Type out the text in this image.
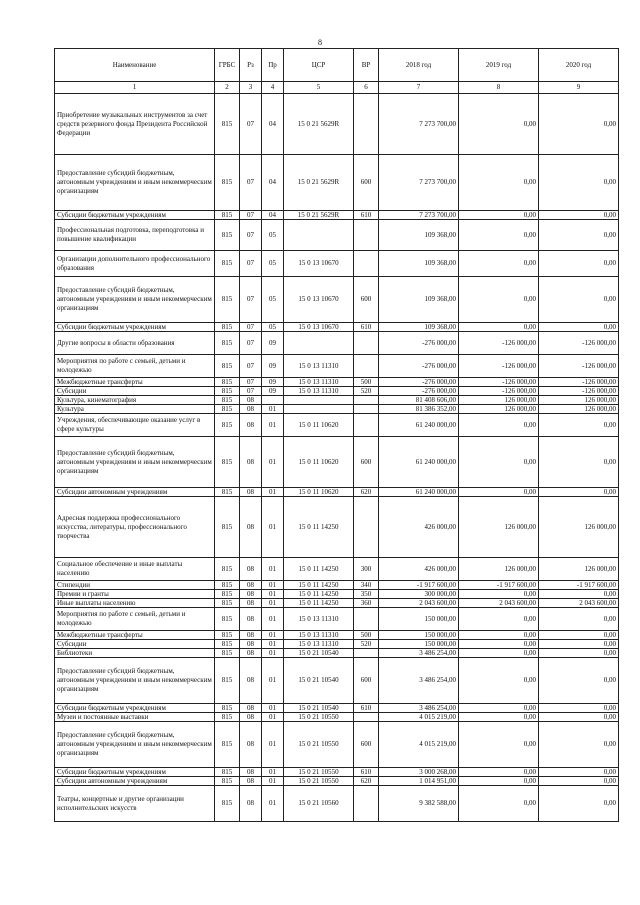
8
Наименование	ГРБС	Рз	Пр	ЦСР	ВР	2018 год	2019 год	2020 год
1	2	3	4	5	6	7	8	9
Приобретение музыкальных инструментов за счет средств резервного фонда Президента Российской Федерации	815	07	04	15 0 21 5629R		7 273 700,00	0,00	0,00
Предоставление субсидий бюджетным, автономным учреждениям и иным некоммерческим организациям	815	07	04	15 0 21 5629R	600	7 273 700,00	0,00	0,00
Субсидии бюджетным учреждениям	815	07	04	15 0 21 5629R	610	7 273 700,00	0,00	0,00
Профессиональная подготовка, переподготовка и повышение квалификации	815	07	05			109 368,00	0,00	0,00
Организации дополнительного профессионального образования	815	07	05	15 0 13 10670		109 368,00	0,00	0,00
Предоставление субсидий бюджетным, автономным учреждениям и иным некоммерческим организациям	815	07	05	15 0 13 10670	600	109 368,00	0,00	0,00
Субсидии бюджетным учреждениям	815	07	05	15 0 13 10670	610	109 368,00	0,00	0,00
Другие вопросы в области образования	815	07	09			-276 000,00	-126 000,00	-126 000,00
Мероприятия по работе с семьей, детьми и молодежью	815	07	09	15 0 13 11310		-276 000,00	-126 000,00	-126 000,00
Межбюджетные трансферты	815	07	09	15 0 13 11310	500	-276 000,00	-126 000,00	-126 000,00
Субсидии	815	07	09	15 0 13 11310	520	-276 000,00	-126 000,00	-126 000,00
Культура, кинематография	815	08				81 408 606,00	126 000,00	126 000,00
Культура	815	08	01			81 386 352,00	126 000,00	126 000,00
Учреждения, обеспечивающие оказание услуг в сфере культуры	815	08	01	15 0 11 10620		61 240 000,00	0,00	0,00
Предоставление субсидий бюджетным, автономным учреждениям и иным некоммерческим организациям	815	08	01	15 0 11 10620	600	61 240 000,00	0,00	0,00
Субсидии автономным учреждениям	815	08	01	15 0 11 10620	620	61 240 000,00	0,00	0,00
Адресная поддержка профессионального искусства, литературы, профессионального творчества	815	08	01	15 0 11 14250		426 000,00	126 000,00	126 000,00
Социальное обеспечение и иные выплаты населению	815	08	01	15 0 11 14250	300	426 000,00	126 000,00	126 000,00
Стипендии	815	08	01	15 0 11 14250	340	-1 917 600,00	-1 917 600,00	-1 917 600,00
Премии и гранты	815	08	01	15 0 11 14250	350	300 000,00	0,00	0,00
Иные выплаты населению	815	08	01	15 0 11 14250	360	2 043 600,00	2 043 600,00	2 043 600,00
Мероприятия по работе с семьей, детьми и молодежью	815	08	01	15 0 13 11310		150 000,00	0,00	0,00
Межбюджетные трансферты	815	08	01	15 0 13 11310	500	150 000,00	0,00	0,00
Субсидии	815	08	01	15 0 13 11310	520	150 000,00	0,00	0,00
Библиотеки	815	08	01	15 0 21 10540		3 486 254,00	0,00	0,00
Предоставление субсидий бюджетным, автономным учреждениям и иным некоммерческим организациям	815	08	01	15 0 21 10540	600	3 486 254,00	0,00	0,00
Субсидии бюджетным учреждениям	815	08	01	15 0 21 10540	610	3 486 254,00	0,00	0,00
Музеи и постоянные выставки	815	08	01	15 0 21 10550		4 015 219,00	0,00	0,00
Предоставление субсидий бюджетным, автономным учреждениям и иным некоммерческим организациям	815	08	01	15 0 21 10550	600	4 015 219,00	0,00	0,00
Субсидии бюджетным учреждениям	815	08	01	15 0 21 10550	610	3 000 268,00	0,00	0,00
Субсидии автономным учреждениям	815	08	01	15 0 21 10550	620	1 014 951,00	0,00	0,00
Театры, концертные и другие организации исполнительских искусств	815	08	01	15 0 21 10560		9 382 588,00	0,00	0,00
